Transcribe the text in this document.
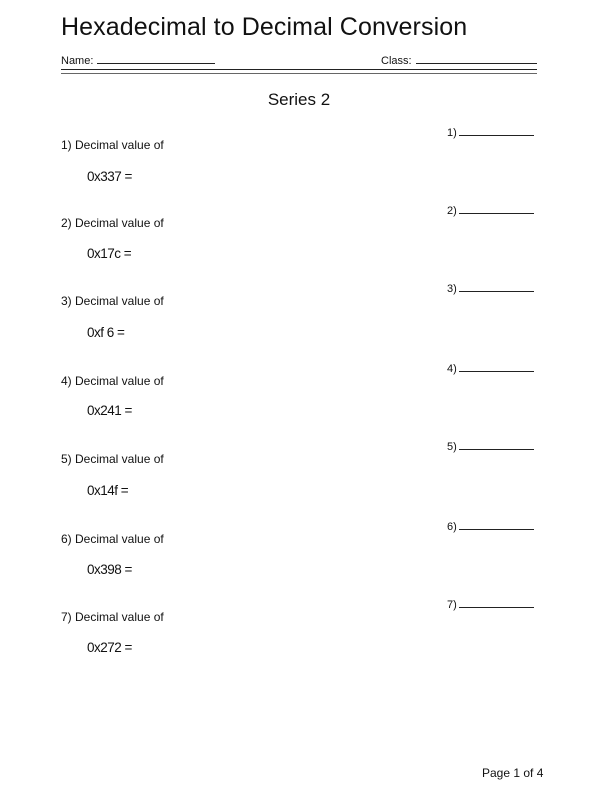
Hexadecimal to Decimal Conversion
Name:	Class:
Series 2
1) Decimal value of
0x337 =
1)
2) Decimal value of
0x17c =
2)
3) Decimal value of
0xf 6 =
3)
4) Decimal value of
0x241 =
4)
5) Decimal value of
0x14f =
5)
6) Decimal value of
0x398 =
6)
7) Decimal value of
0x272 =
7)
Page 1 of 4
